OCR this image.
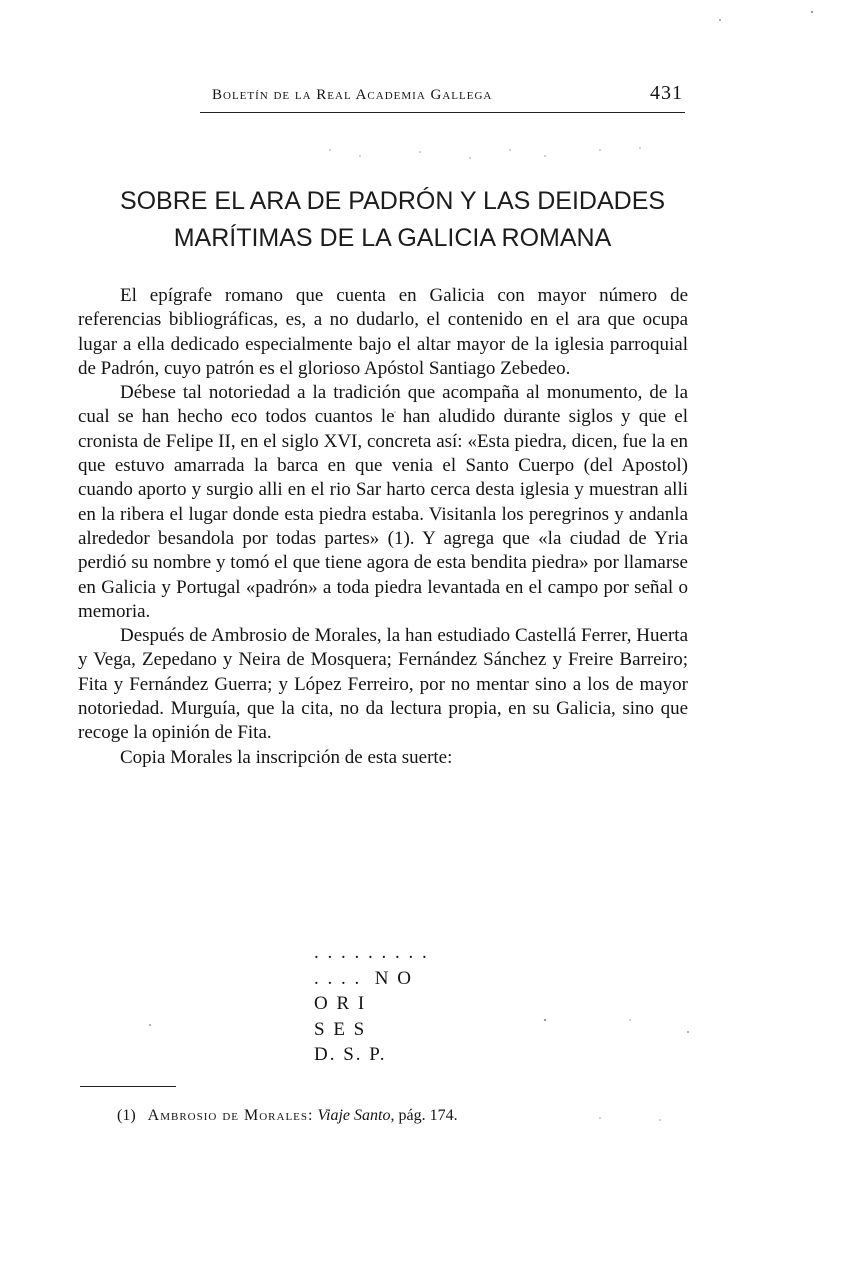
Boletín de la Real Academia Gallega	431
SOBRE EL ARA DE PADRÓN Y LAS DEIDADES
MARÍTIMAS DE LA GALICIA ROMANA

El epígrafe romano que cuenta en Galicia con mayor número de referencias bibliográficas, es, a no dudarlo, el contenido en el ara que ocupa lugar a ella dedicado especialmente bajo el altar mayor de la iglesia parroquial de Padrón, cuyo patrón es el glorioso Apóstol Santiago Zebedeo.

Débese tal notoriedad a la tradición que acompaña al monumento, de la cual se han hecho eco todos cuantos le han aludido durante siglos y que el cronista de Felipe II, en el siglo XVI, concreta así: «Esta piedra, dicen, fue la en que estuvo amarrada la barca en que venia el Santo Cuerpo (del Apostol) cuando aporto y surgio alli en el rio Sar harto cerca desta iglesia y muestran alli en la ribera el lugar donde esta piedra estaba. Visitanla los peregrinos y andanla alrededor besandola por todas partes» (1). Y agrega que «la ciudad de Yria perdió su nombre y tomó el que tiene agora de esta bendita piedra» por llamarse en Galicia y Portugal «padrón» a toda piedra levantada en el campo por señal o memoria.

Después de Ambrosio de Morales, la han estudiado Castellá Ferrer, Huerta y Vega, Zepedano y Neira de Mosquera; Fernández Sánchez y Freire Barreiro; Fita y Fernández Guerra; y López Ferreiro, por no mentar sino a los de mayor notoriedad. Murguía, que la cita, no da lectura propia, en su Galicia, sino que recoge la opinión de Fita.

Copia Morales la inscripción de esta suerte:

. . . . . . . . .
. . . .  N O
O R I
S E S
D. S. P.
(1) Ambrosio de Morales: Viaje Santo, pág. 174.
